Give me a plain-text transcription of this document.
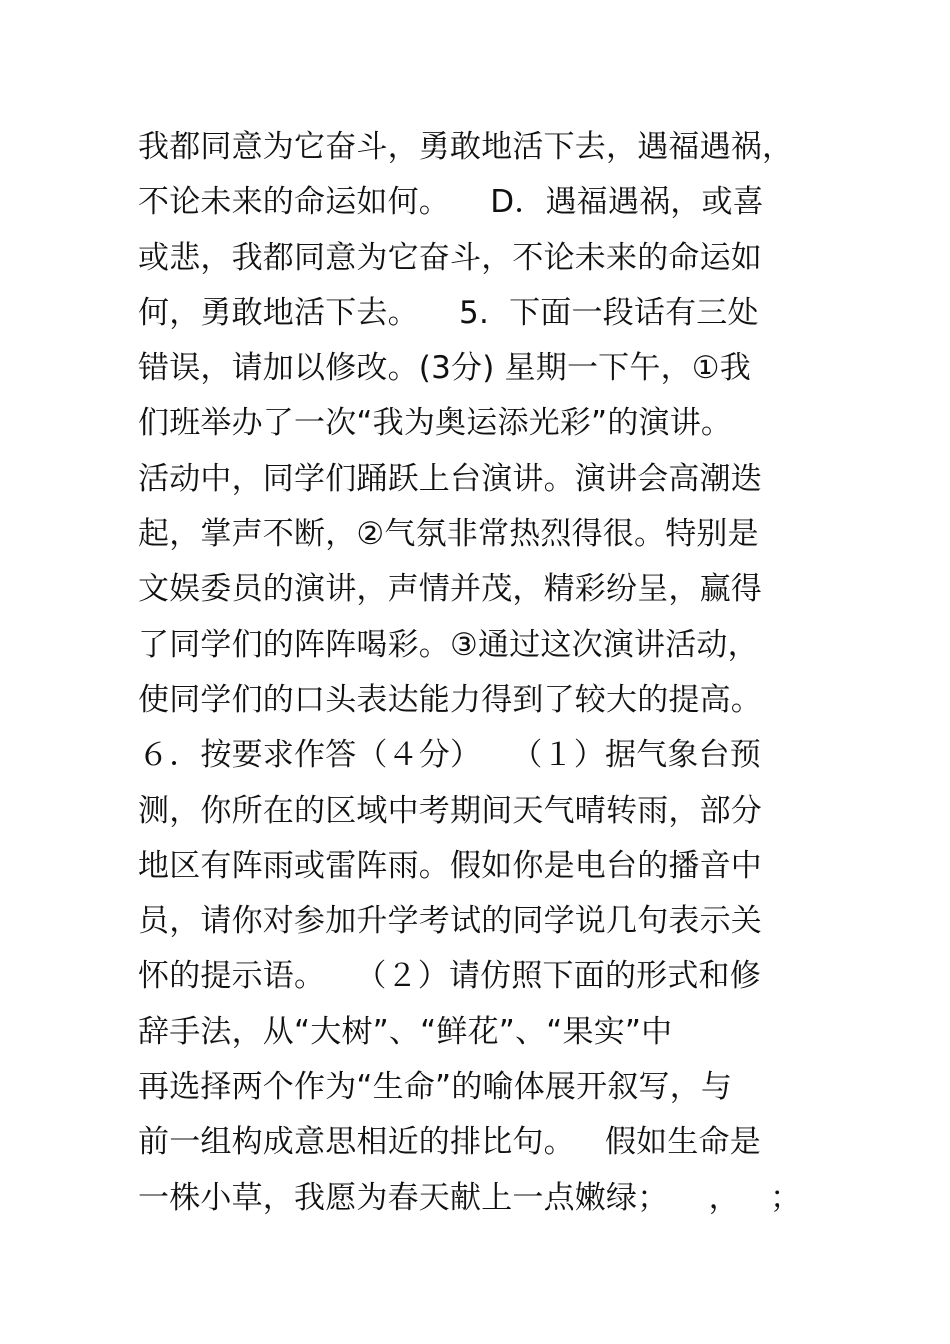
我都同意为它奋斗，勇敢地活下去，遇福遇祸，
不论未来的命运如何。    D．遇福遇祸，或喜
或悲，我都同意为它奋斗，不论未来的命运如
何，勇敢地活下去。    5.  下面一段话有三处
错误，请加以修改。(3分) 星期一下午，①我
们班举办了一次“我为奥运添光彩”的演讲。
活动中，同学们踊跃上台演讲。演讲会高潮迭
起，掌声不断，②气氛非常热烈得很。特别是
文娱委员的演讲，声情并茂，精彩纷呈，赢得
了同学们的阵阵喝彩。③通过这次演讲活动，
使同学们的口头表达能力得到了较大的提高。
６．按要求作答（４分）   （１）据气象台预
测，你所在的区域中考期间天气晴转雨，部分
地区有阵雨或雷阵雨。假如你是电台的播音中
员，请你对参加升学考试的同学说几句表示关
怀的提示语。   （２）请仿照下面的形式和修
辞手法，从“大树”、“鲜花”、“果实”中
再选择两个作为“生命”的喻体展开叙写，与
前一组构成意思相近的排比句。   假如生命是
一株小草，我愿为春天献上一点嫩绿；    ，   ；
